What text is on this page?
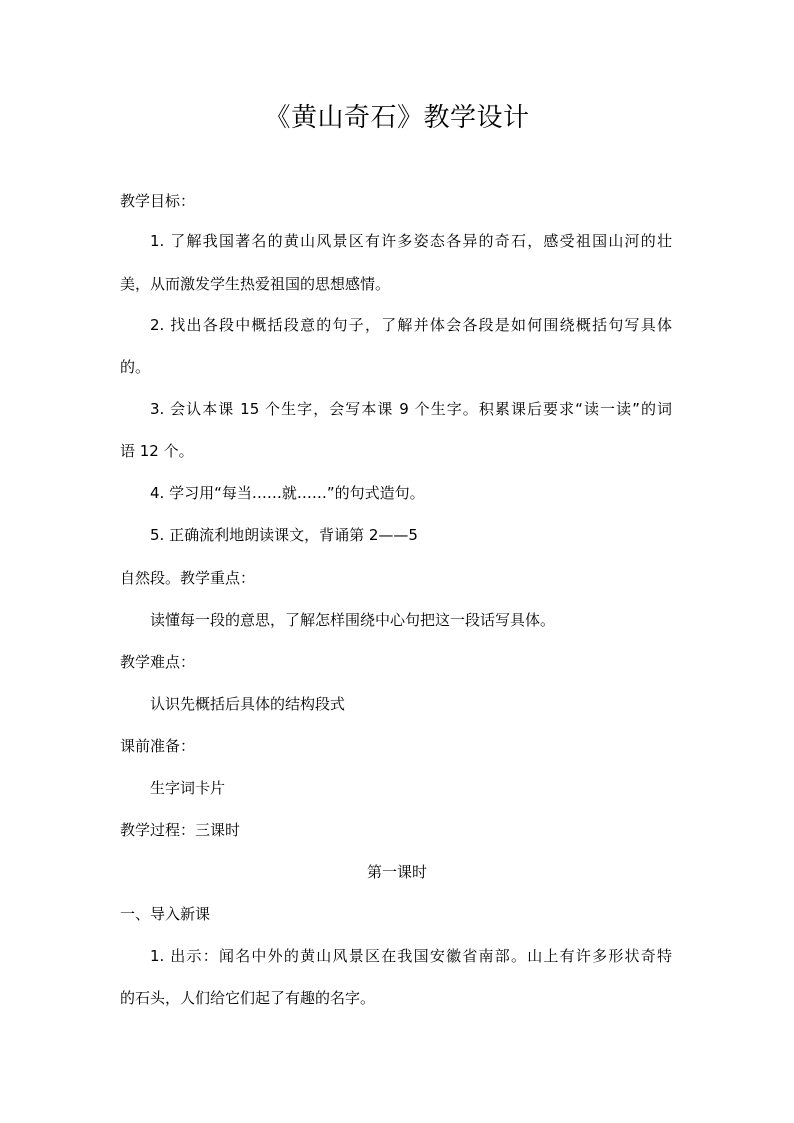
《黄山奇石》教学设计
教学目标：
1. 了解我国著名的黄山风景区有许多姿态各异的奇石，感受祖国山河的壮
美，从而激发学生热爱祖国的思想感情。
2. 找出各段中概括段意的句子，了解并体会各段是如何围绕概括句写具体
的。
3. 会认本课 15 个生字，会写本课 9 个生字。积累课后要求“读一读”的词
语 12 个。
4. 学习用“每当……就……”的句式造句。
5. 正确流利地朗读课文，背诵第 2——5
自然段。教学重点：
读懂每一段的意思，了解怎样围绕中心句把这一段话写具体。
教学难点：
认识先概括后具体的结构段式
课前准备：
生字词卡片
教学过程：三课时
第一课时
一、导入新课
1. 出示：闻名中外的黄山风景区在我国安徽省南部。山上有许多形状奇特
的石头，人们给它们起了有趣的名字。
